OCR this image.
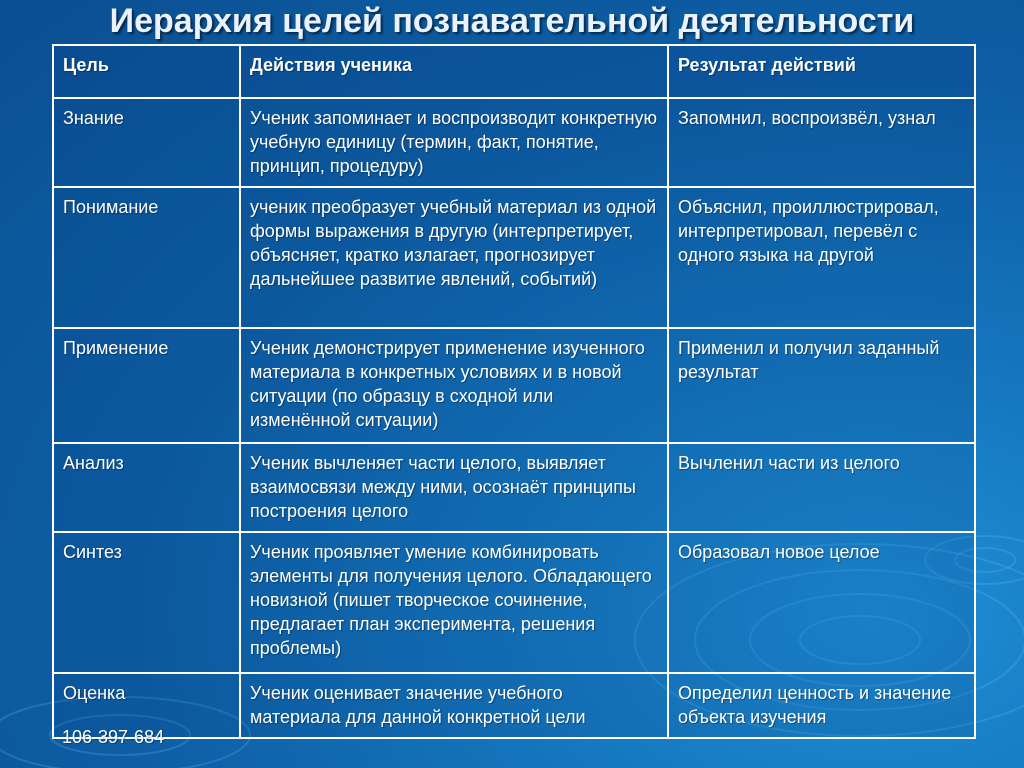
Иерархия целей познавательной деятельности
Цель	Действия ученика	Результат действий
Знание	Ученик запоминает и воспроизводит конкретную учебную единицу (термин, факт, понятие, принцип, процедуру)	Запомнил, воспроизвёл, узнал
Понимание	ученик преобразует учебный материал из одной формы выражения в другую (интерпретирует, объясняет, кратко излагает, прогнозирует дальнейшее развитие явлений, событий)	Объяснил, проиллюстрировал, интерпретировал, перевёл с одного языка на другой
Применение	Ученик демонстрирует применение изученного материала в конкретных условиях и в новой ситуации (по образцу в сходной или изменённой ситуации)	Применил и получил заданный результат
Анализ	Ученик вычленяет части целого, выявляет взаимосвязи между ними, осознаёт принципы построения целого	Вычленил части из целого
Синтез	Ученик проявляет умение комбинировать элементы для получения целого. Обладающего новизной (пишет творческое сочинение, предлагает план эксперимента, решения проблемы)	Образовал новое целое
Оценка	Ученик оценивает значение учебного материала для данной конкретной цели	Определил ценность и значение объекта изучения
106-397-684
